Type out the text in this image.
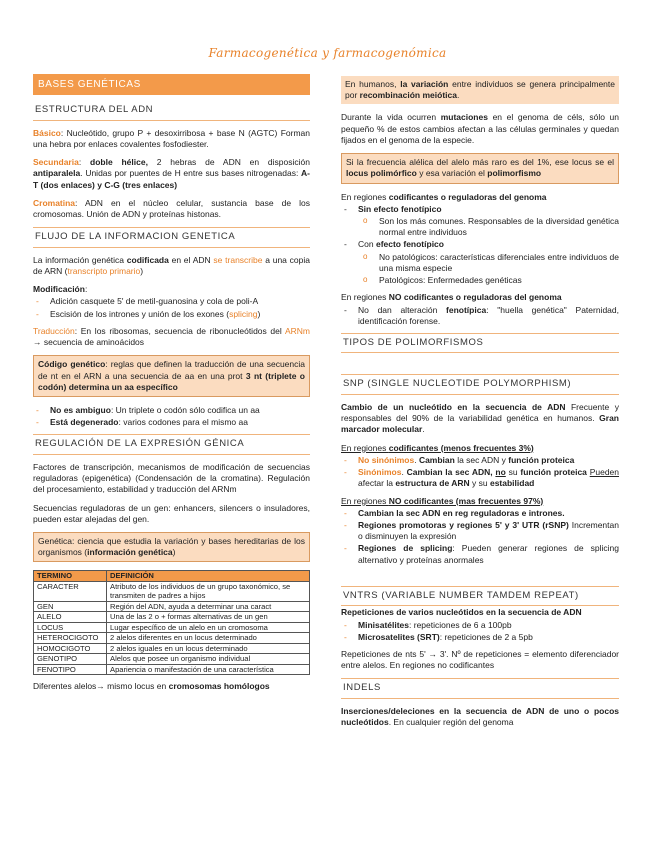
Farmacogenética y farmacogenómica
BASES GENÉTICAS
ESTRUCTURA DEL ADN

Básico: Nucleótido, grupo P + desoxirribosa + base N (AGTC) Forman una hebra por enlaces covalentes fosfodiester.

Secundaria: doble hélice, 2 hebras de ADN en disposición antiparalela. Unidas por puentes de H entre sus bases nitrogenadas: A-T (dos enlaces) y C-G (tres enlaces)

Cromatina: ADN en el núcleo celular, sustancia base de los cromosomas. Unión de ADN y proteínas histonas.

FLUJO DE LA INFORMACION GENETICA

La información genética codificada en el ADN se transcribe a una copia de ARN (transcripto primario)

Modificación:
- Adición casquete 5' de metil-guanosina y cola de poli-A
- Escisión de los intrones y unión de los exones (splicing)

Traducción: En los ribosomas, secuencia de ribonucleótidos del ARNm → secuencia de aminoácidos

Código genético: reglas que definen la traducción de una secuencia de nt en el ARN a una secuencia de aa en una prot 3 nt (triplete o codón) determina un aa específico
- No es ambiguo: Un triplete o codón sólo codifica un aa
- Está degenerado: varios codones para el mismo aa
REGULACIÓN DE LA EXPRESIÓN GÉNICA

Factores de transcripción, mecanismos de modificación de secuencias reguladoras (epigenética) (Condensación de la cromatina). Regulación del procesamiento, estabilidad y traducción del ARNm

Secuencias reguladoras de un gen: enhancers, silencers o insuladores, pueden estar alejadas del gen.

Genética: ciencia que estudia la variación y bases hereditarias de los organismos (información genética)
TERMINO	DEFINICIÓN
CARACTER	Atributo de los individuos de un grupo taxonómico, se transmiten de padres a hijos
GEN	Región del ADN, ayuda a determinar una caract
ALELO	Una de las 2 o + formas alternativas de un gen
LOCUS	Lugar específico de un alelo en un cromosoma
HETEROCIGOTO	2 alelos diferentes en un locus determinado
HOMOCIGOTO	2 alelos iguales en un locus determinado
GENOTIPO	Alelos que posee un organismo individual
FENOTIPO	Apariencia o manifestación de una característica
Diferentes alelos→ mismo locus en cromosomas homólogos
En humanos, la variación entre individuos se genera principalmente por recombinación meiótica.

Durante la vida ocurren mutaciones en el genoma de céls, sólo un pequeño % de estos cambios afectan a las células germinales y quedan fijados en el genoma de la especie.

Si la frecuencia alélica del alelo más raro es del 1%, ese locus se el locus polimórfico y esa variación el polimorfismo
En regiones codificantes o reguladoras del genoma
- Sin efecto fenotípico
o Son los más comunes. Responsables de la diversidad genética normal entre individuos
- Con efecto fenotípico
o No patológicos: características diferenciales entre individuos de una misma especie
o Patológicos: Enfermedades genéticas
En regiones NO codificantes o reguladoras del genoma
- No dan alteración fenotípica: "huella genética" Paternidad, identificación forense.
TIPOS DE POLIMORFISMOS
SNP (SINGLE NUCLEOTIDE POLYMORPHISM)

Cambio de un nucleótido en la secuencia de ADN Frecuente y responsables del 90% de la variabilidad genética en humanos. Gran marcador molecular.

En regiones codificantes (menos frecuentes 3%)
- No sinónimos. Cambian la sec ADN y función proteica
- Sinónimos. Cambian la sec ADN, no su función proteica Pueden afectar la estructura de ARN y su estabilidad
En regiones NO codificantes (mas frecuentes 97%)
- Cambian la sec ADN en reg reguladoras e intrones.
- Regiones promotoras y regiones 5' y 3' UTR (rSNP) Incrementan o disminuyen la expresión
- Regiones de splicing: Pueden generar regiones de splicing alternativo y proteínas anormales
VNTRS (VARIABLE NUMBER TAMDEM REPEAT)
Repeticiones de varios nucleótidos en la secuencia de ADN
- Minisatélites: repeticiones de 6 a 100pb
- Microsatelites (SRT): repeticiones de 2 a 5pb

Repeticiones de nts 5' → 3'. Nº de repeticiones = elemento diferenciador entre alelos. En regiones no codificantes

INDELS

Inserciones/deleciones en la secuencia de ADN de uno o pocos nucleótidos. En cualquier región del genoma
